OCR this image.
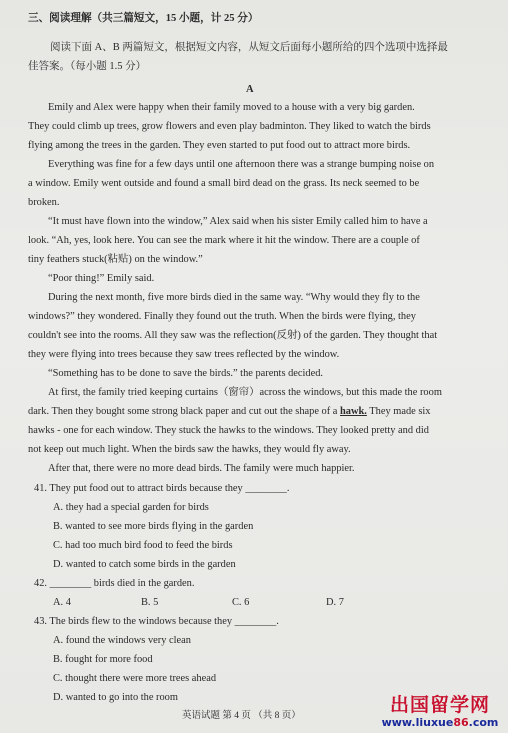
三、阅读理解（共三篇短文，15 小题，计 25 分）
阅读下面 A、B 两篇短文，根据短文内容，从短文后面每小题所给的四个选项中选择最
佳答案。（每小题 1.5 分）
A
Emily and Alex were happy when their family moved to a house with a very big garden.
They could climb up trees, grow flowers and even play badminton. They liked to watch the birds
flying among the trees in the garden. They even started to put food out to attract more birds.
Everything was fine for a few days until one afternoon there was a strange bumping noise on
a window. Emily went outside and found a small bird dead on the grass. Its neck seemed to be
broken.
“It must have flown into the window,” Alex said when his sister Emily called him to have a
look. “Ah, yes, look here. You can see the mark where it hit the window. There are a couple of
tiny feathers stuck(粘贴) on the window.”
“Poor thing!” Emily said.
During the next month, five more birds died in the same way. “Why would they fly to the
windows?” they wondered. Finally they found out the truth. When the birds were flying, they
couldn't see into the rooms. All they saw was the reflection(反射) of the garden. They thought that
they were flying into trees because they saw trees reflected by the window.
“Something has to be done to save the birds.” the parents decided.
At first, the family tried keeping curtains（窗帘）across the windows, but this made the room
dark. Then they bought some strong black paper and cut out the shape of a hawk. They made six
hawks - one for each window. They stuck the hawks to the windows. They looked pretty and did
not keep out much light. When the birds saw the hawks, they would fly away.
After that, there were no more dead birds. The family were much happier.
41. They put food out to attract birds because they ________.
A. they had a special garden for birds
B. wanted to see more birds flying in the garden
C. had too much bird food to feed the birds
D. wanted to catch some birds in the garden
42. ________ birds died in the garden.
A. 4	B. 5	C. 6	D. 7
43. The birds flew to the windows because they ________.
A. found the windows very clean
B. fought for more food
C. thought there were more trees ahead
D. wanted to go into the room
英语试题 第 4 页 （共 8 页）	出国留学网
www.liuxue86.com
